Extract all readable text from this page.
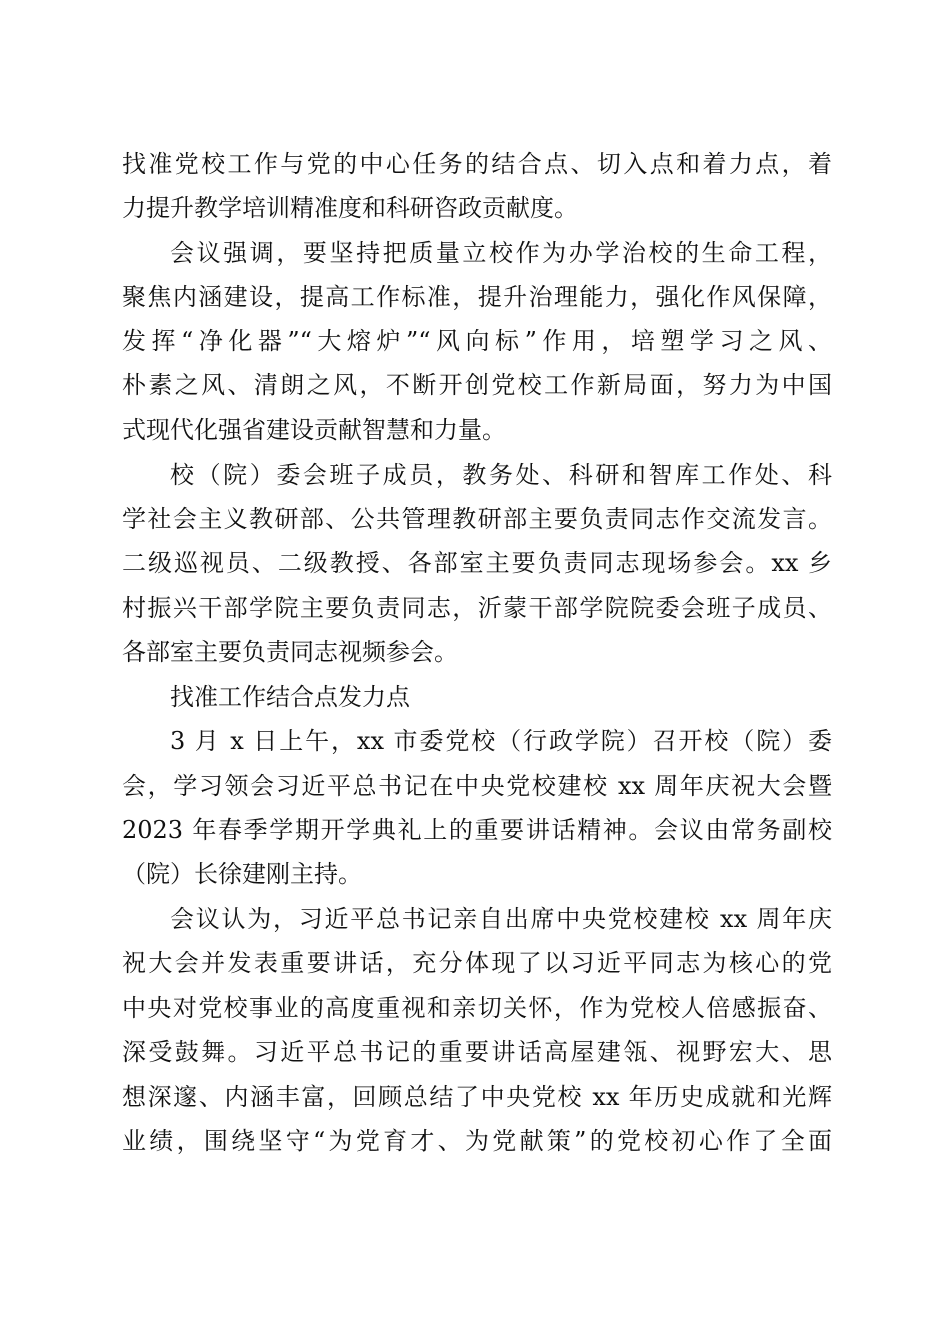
找准党校工作与党的中心任务的结合点、切入点和着力点，着
力提升教学培训精准度和科研咨政贡献度。
会议强调，要坚持把质量立校作为办学治校的生命工程，
聚焦内涵建设，提高工作标准，提升治理能力，强化作风保障，
发挥“净化器”“大熔炉”“风向标”作用，培塑学习之风、
朴素之风、清朗之风，不断开创党校工作新局面，努力为中国
式现代化强省建设贡献智慧和力量。
校（院）委会班子成员，教务处、科研和智库工作处、科
学社会主义教研部、公共管理教研部主要负责同志作交流发言。
二级巡视员、二级教授、各部室主要负责同志现场参会。xx 乡
村振兴干部学院主要负责同志，沂蒙干部学院院委会班子成员、
各部室主要负责同志视频参会。
找准工作结合点发力点
3 月 x 日上午，xx 市委党校（行政学院）召开校（院）委
会，学习领会习近平总书记在中央党校建校 xx 周年庆祝大会暨
2023 年春季学期开学典礼上的重要讲话精神。会议由常务副校
（院）长徐建刚主持。
会议认为，习近平总书记亲自出席中央党校建校 xx 周年庆
祝大会并发表重要讲话，充分体现了以习近平同志为核心的党
中央对党校事业的高度重视和亲切关怀，作为党校人倍感振奋、
深受鼓舞。习近平总书记的重要讲话高屋建瓴、视野宏大、思
想深邃、内涵丰富，回顾总结了中央党校 xx 年历史成就和光辉
业绩，围绕坚守“为党育才、为党献策”的党校初心作了全面
